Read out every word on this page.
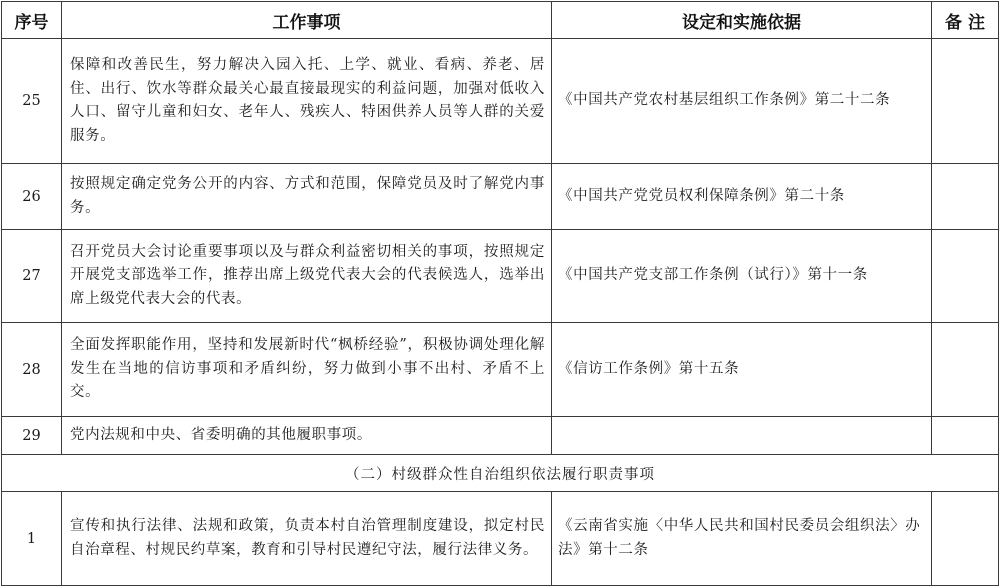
序号	工作事项	设定和实施依据	备 注
25	保障和改善民生，努力解决入园入托、上学、就业、看病、养老、居住、出行、饮水等群众最关心最直接最现实的利益问题，加强对低收入人口、留守儿童和妇女、老年人、残疾人、特困供养人员等人群的关爱服务。	《中国共产党农村基层组织工作条例》第二十二条	
26	按照规定确定党务公开的内容、方式和范围，保障党员及时了解党内事务。	《中国共产党党员权利保障条例》第二十条	
27	召开党员大会讨论重要事项以及与群众利益密切相关的事项，按照规定开展党支部选举工作，推荐出席上级党代表大会的代表候选人，选举出席上级党代表大会的代表。	《中国共产党支部工作条例（试行）》第十一条	
28	全面发挥职能作用，坚持和发展新时代“枫桥经验”，积极协调处理化解发生在当地的信访事项和矛盾纠纷，努力做到小事不出村、矛盾不上交。	《信访工作条例》第十五条	
29	党内法规和中央、省委明确的其他履职事项。		
（二）村级群众性自治组织依法履行职责事项			
1	宣传和执行法律、法规和政策，负责本村自治管理制度建设，拟定村民自治章程、村规民约草案，教育和引导村民遵纪守法，履行法律义务。	《云南省实施〈中华人民共和国村民委员会组织法〉办法》第十二条	
